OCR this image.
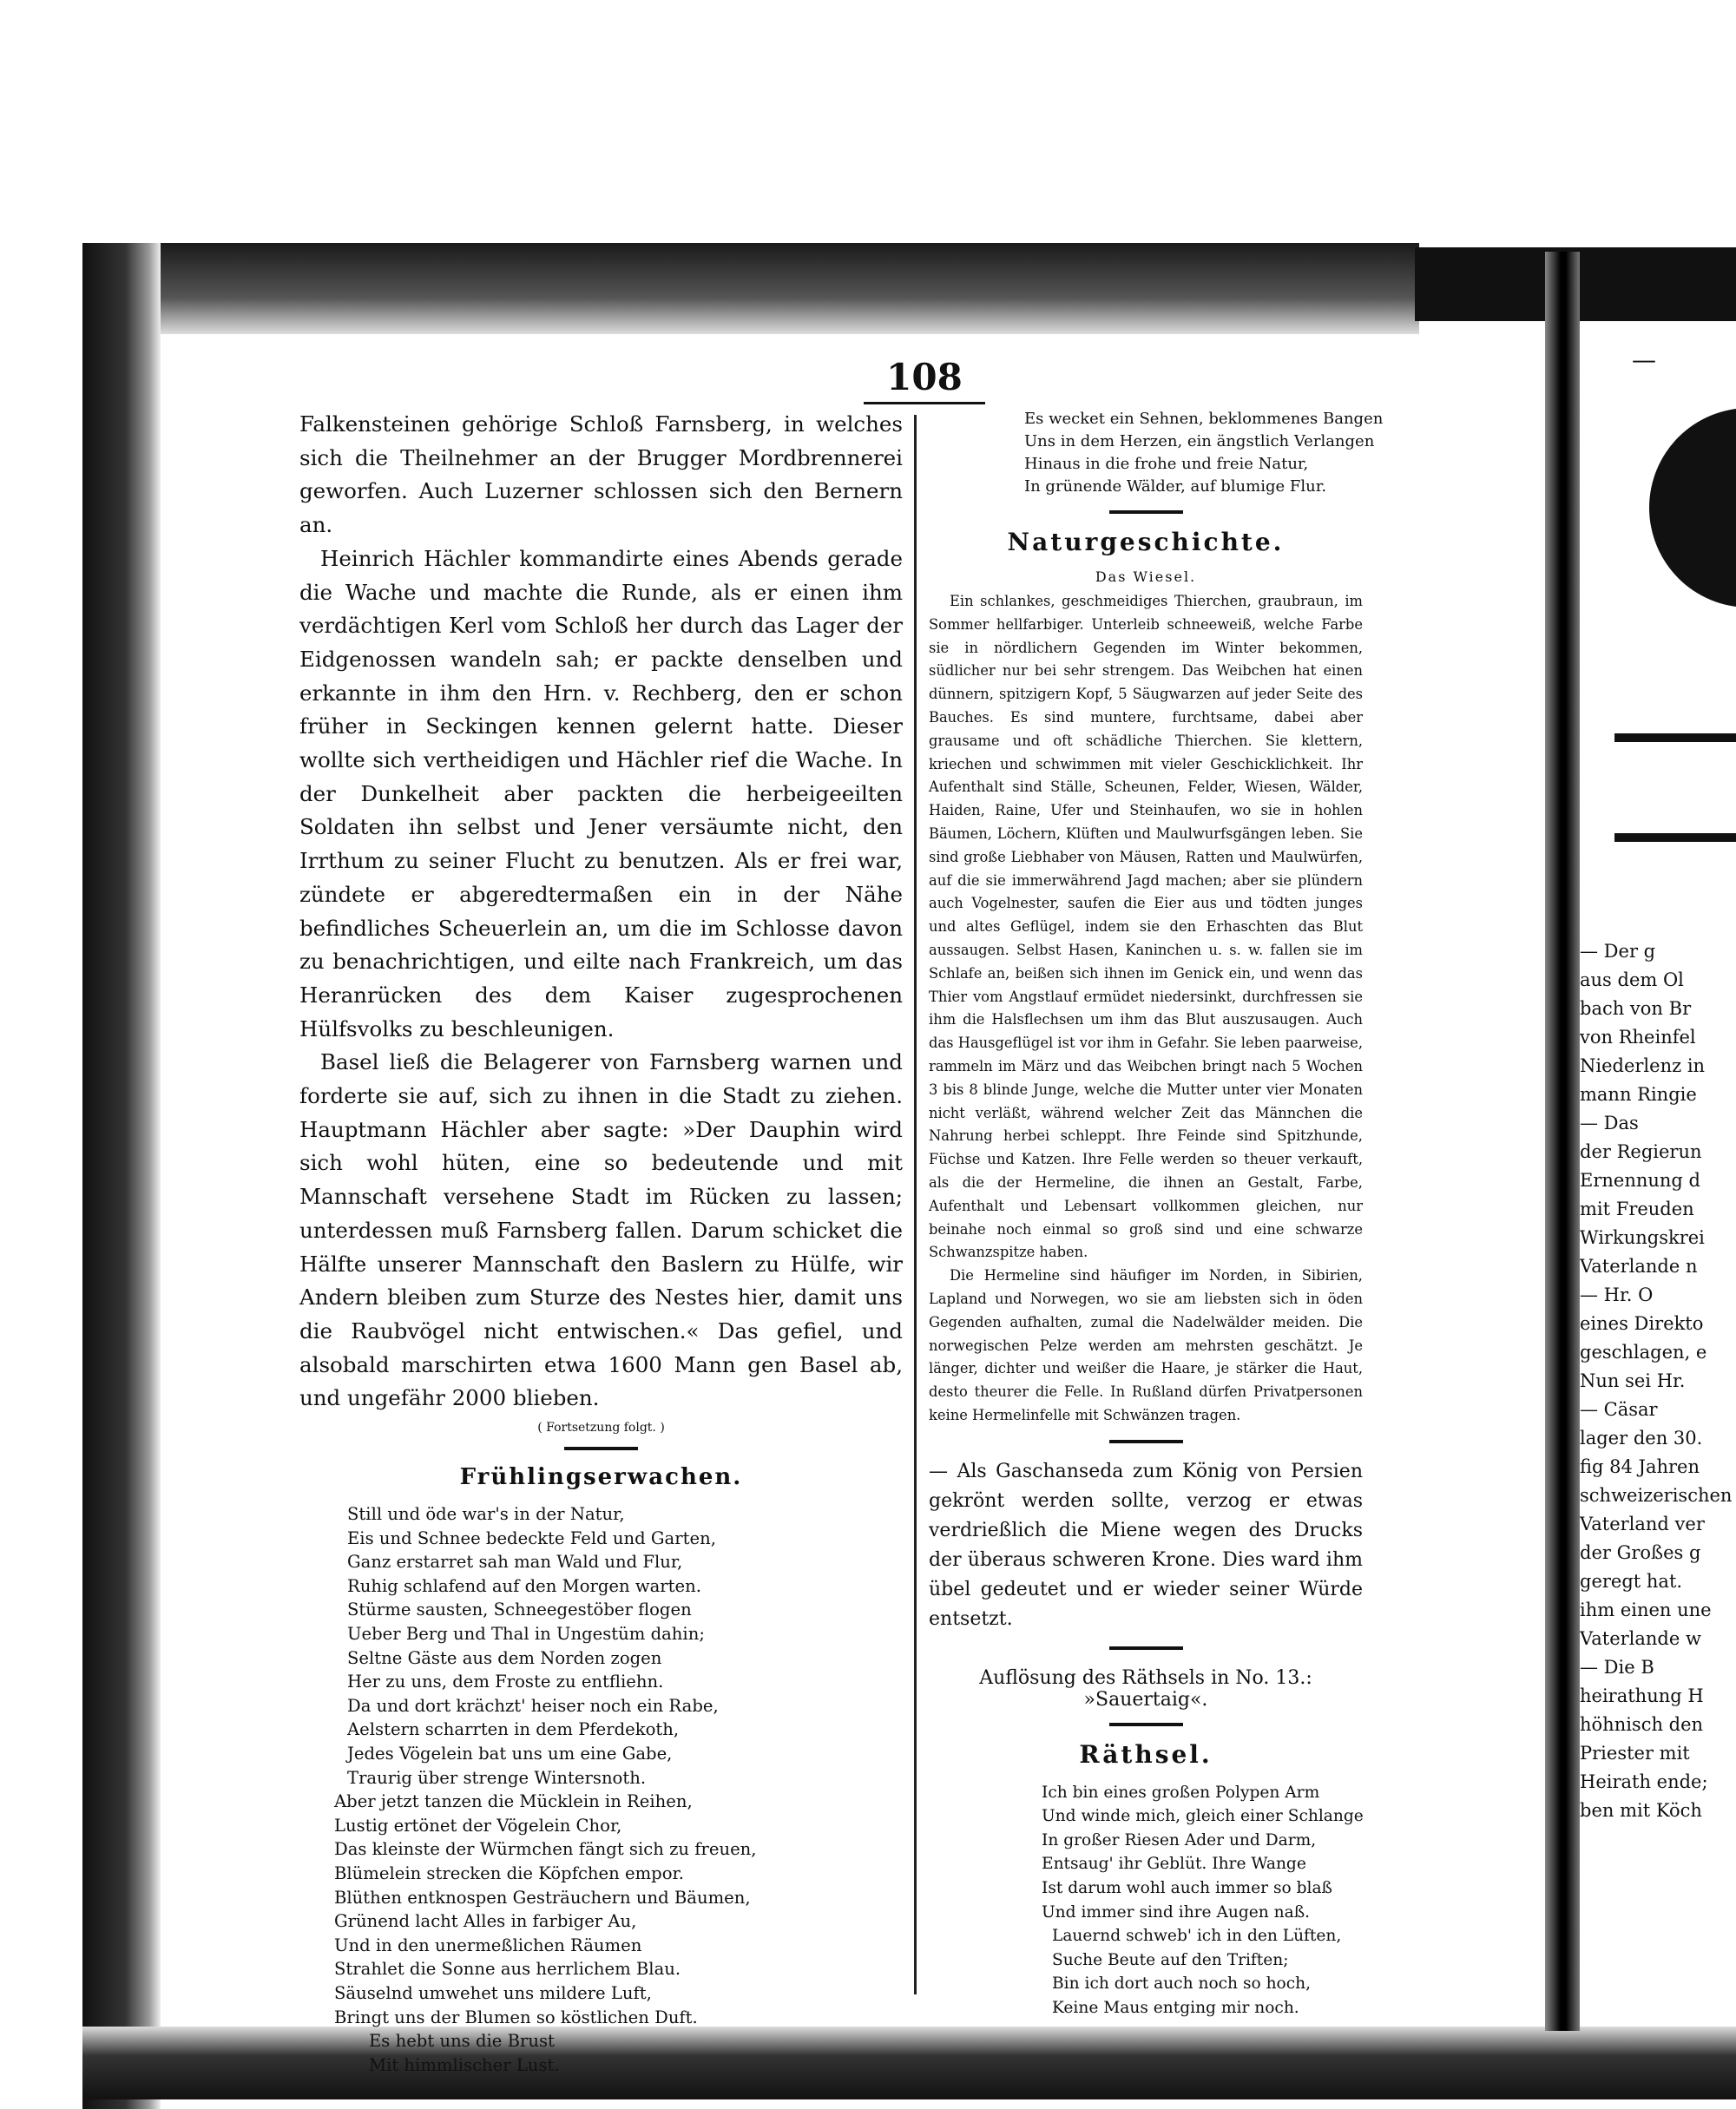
108

Falkensteinen gehörige Schloß Farnsberg, in welches sich die Theilnehmer an der Brugger Mordbrennerei geworfen. Auch Luzerner schlossen sich den Bernern an.

Heinrich Hächler kommandirte eines Abends gerade die Wache und machte die Runde, als er einen ihm verdächtigen Kerl vom Schloß her durch das Lager der Eidgenossen wandeln sah; er packte denselben und erkannte in ihm den Hrn. v. Rechberg, den er schon früher in Seckingen kennen gelernt hatte. Dieser wollte sich vertheidigen und Hächler rief die Wache. In der Dunkelheit aber packten die herbeigeeilten Soldaten ihn selbst und Jener versäumte nicht, den Irrthum zu seiner Flucht zu benutzen. Als er frei war, zündete er abgeredtermaßen ein in der Nähe befindliches Scheuerlein an, um die im Schlosse davon zu benachrichtigen, und eilte nach Frankreich, um das Heranrücken des dem Kaiser zugesprochenen Hülfsvolks zu beschleunigen.

Basel ließ die Belagerer von Farnsberg warnen und forderte sie auf, sich zu ihnen in die Stadt zu ziehen. Hauptmann Hächler aber sagte: »Der Dauphin wird sich wohl hüten, eine so bedeutende und mit Mannschaft versehene Stadt im Rücken zu lassen; unterdessen muß Farnsberg fallen. Darum schicket die Hälfte unserer Mannschaft den Baslern zu Hülfe, wir Andern bleiben zum Sturze des Nestes hier, damit uns die Raubvögel nicht entwischen.« Das gefiel, und alsobald marschirten etwa 1600 Mann gen Basel ab, und ungefähr 2000 blieben.

( Fortsetzung folgt. )
Frühlingserwachen.
Still und öde war's in der Natur,
Eis und Schnee bedeckte Feld und Garten,
Ganz erstarret sah man Wald und Flur,
Ruhig schlafend auf den Morgen warten.
Stürme sausten, Schneegestöber flogen
Ueber Berg und Thal in Ungestüm dahin;
Seltne Gäste aus dem Norden zogen
Her zu uns, dem Froste zu entfliehn.
Da und dort krächzt' heiser noch ein Rabe,
Aelstern scharrten in dem Pferdekoth,
Jedes Vögelein bat uns um eine Gabe,
Traurig über strenge Wintersnoth.
Aber jetzt tanzen die Mücklein in Reihen,
Lustig ertönet der Vögelein Chor,
Das kleinste der Würmchen fängt sich zu freuen,
Blümelein strecken die Köpfchen empor.
Blüthen entknospen Gesträuchern und Bäumen,
Grünend lacht Alles in farbiger Au,
Und in den unermeßlichen Räumen
Strahlet die Sonne aus herrlichem Blau.
Säuselnd umwehet uns mildere Luft,
Bringt uns der Blumen so köstlichen Duft.
Es hebt uns die Brust
Mit himmlischer Lust.
Es wecket ein Sehnen, beklommenes Bangen
Uns in dem Herzen, ein ängstlich Verlangen
Hinaus in die frohe und freie Natur,
In grünende Wälder, auf blumige Flur.
Naturgeschichte.
Das Wiesel.

Ein schlankes, geschmeidiges Thierchen, graubraun, im Sommer hellfarbiger. Unterleib schneeweiß, welche Farbe sie in nördlichern Gegenden im Winter bekommen, südlicher nur bei sehr strengem. Das Weibchen hat einen dünnern, spitzigern Kopf, 5 Säugwarzen auf jeder Seite des Bauches. Es sind muntere, furchtsame, dabei aber grausame und oft schädliche Thierchen. Sie klettern, kriechen und schwimmen mit vieler Geschicklichkeit. Ihr Aufenthalt sind Ställe, Scheunen, Felder, Wiesen, Wälder, Haiden, Raine, Ufer und Steinhaufen, wo sie in hohlen Bäumen, Löchern, Klüften und Maulwurfsgängen leben. Sie sind große Liebhaber von Mäusen, Ratten und Maulwürfen, auf die sie immerwährend Jagd machen; aber sie plündern auch Vogelnester, saufen die Eier aus und tödten junges und altes Geflügel, indem sie den Erhaschten das Blut aussaugen. Selbst Hasen, Kaninchen u. s. w. fallen sie im Schlafe an, beißen sich ihnen im Genick ein, und wenn das Thier vom Angstlauf ermüdet niedersinkt, durchfressen sie ihm die Halsflechsen um ihm das Blut auszusaugen. Auch das Hausgeflügel ist vor ihm in Gefahr. Sie leben paarweise, rammeln im März und das Weibchen bringt nach 5 Wochen 3 bis 8 blinde Junge, welche die Mutter unter vier Monaten nicht verläßt, während welcher Zeit das Männchen die Nahrung herbei schleppt. Ihre Feinde sind Spitzhunde, Füchse und Katzen. Ihre Felle werden so theuer verkauft, als die der Hermeline, die ihnen an Gestalt, Farbe, Aufenthalt und Lebensart vollkommen gleichen, nur beinahe noch einmal so groß sind und eine schwarze Schwanzspitze haben.

Die Hermeline sind häufiger im Norden, in Sibirien, Lapland und Norwegen, wo sie am liebsten sich in öden Gegenden aufhalten, zumal die Nadelwälder meiden. Die norwegischen Pelze werden am mehrsten geschätzt. Je länger, dichter und weißer die Haare, je stärker die Haut, desto theurer die Felle. In Rußland dürfen Privatpersonen keine Hermelinfelle mit Schwänzen tragen.

— Als Gaschanseda zum König von Persien gekrönt werden sollte, verzog er etwas verdrießlich die Miene wegen des Drucks der überaus schweren Krone. Dies ward ihm übel gedeutet und er wieder seiner Würde entsetzt.

Auflösung des Räthsels in No. 13.: »Sauertaig«.
Räthsel.
Ich bin eines großen Polypen Arm
Und winde mich, gleich einer Schlange
In großer Riesen Ader und Darm,
Entsaug' ihr Geblüt. Ihre Wange
Ist darum wohl auch immer so blaß
Und immer sind ihre Augen naß.
Lauernd schweb' ich in den Lüften,
Suche Beute auf den Triften;
Bin ich dort auch noch so hoch,
Keine Maus entging mir noch.
—
— Der g
aus dem Ol
bach von Br
von Rheinfel
Niederlenz in
mann Ringie
— Das
der Regierun
Ernennung d
mit Freuden
Wirkungskrei
Vaterlande n
— Hr. O
eines Direkto
geschlagen, e
Nun sei Hr.
— Cäsar
lager den 30.
fig 84 Jahren
schweizerischen
Vaterland ver
der Großes g
geregt hat.
ihm einen une
Vaterlande w
— Die B
heirathung H
höhnisch den
Priester mit
Heirath ende;
ben mit Köch
